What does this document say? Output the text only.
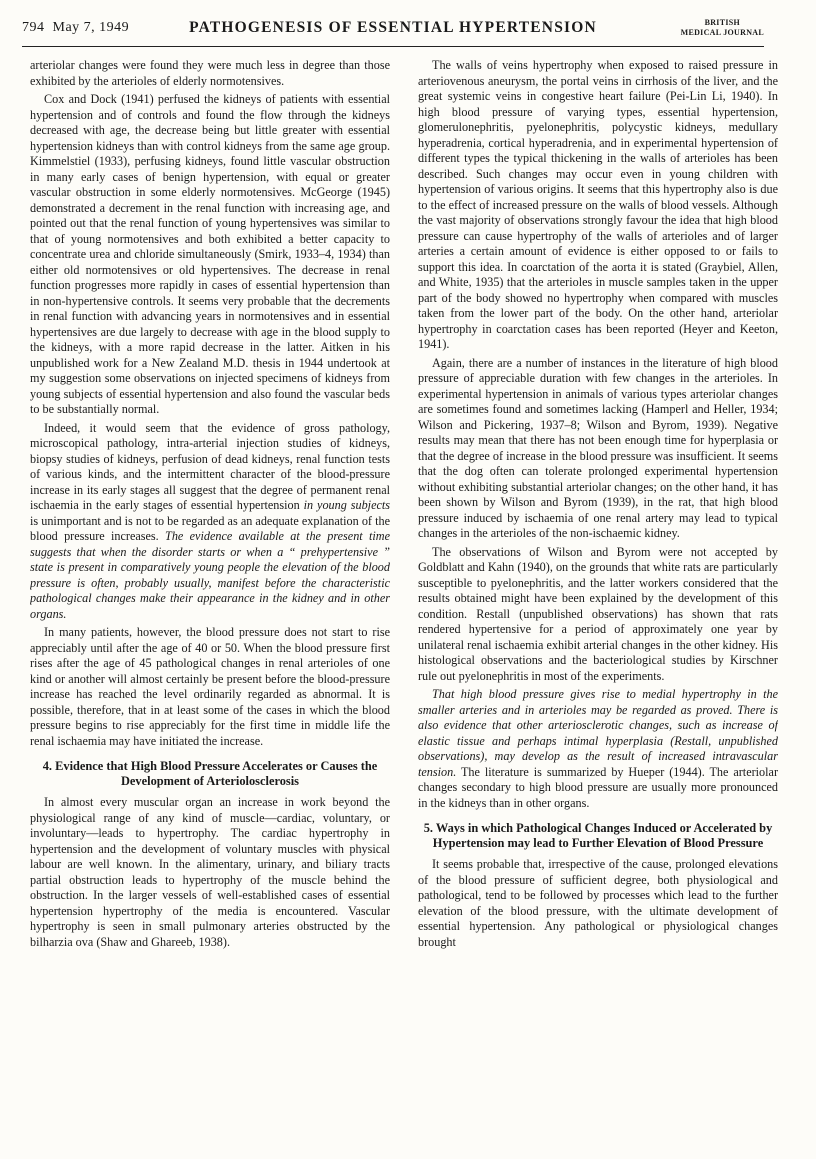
794 May 7, 1949	PATHOGENESIS OF ESSENTIAL HYPERTENSION	BRITISH
MEDICAL JOURNAL

arteriolar changes were found they were much less in degree than those exhibited by the arterioles of elderly normotensives.

Cox and Dock (1941) perfused the kidneys of patients with essential hypertension and of controls and found the flow through the kidneys decreased with age, the decrease being but little greater with essential hypertension kidneys than with control kidneys from the same age group. Kimmelstiel (1933), perfusing kidneys, found little vascular obstruction in many early cases of benign hypertension, with equal or greater vascular obstruction in some elderly normotensives. McGeorge (1945) demonstrated a decrement in the renal function with increasing age, and pointed out that the renal function of young hypertensives was similar to that of young normotensives and both exhibited a better capacity to concentrate urea and chloride simultaneously (Smirk, 1933–4, 1934) than either old normotensives or old hypertensives. The decrease in renal function progresses more rapidly in cases of essential hypertension than in non-hypertensive controls. It seems very probable that the decrements in renal function with advancing years in normotensives and in essential hypertensives are due largely to decrease with age in the blood supply to the kidneys, with a more rapid decrease in the latter. Aitken in his unpublished work for a New Zealand M.D. thesis in 1944 undertook at my suggestion some observations on injected specimens of kidneys from young subjects of essential hypertension and also found the vascular beds to be substantially normal.

Indeed, it would seem that the evidence of gross pathology, microscopical pathology, intra-arterial injection studies of kidneys, biopsy studies of kidneys, perfusion of dead kidneys, renal function tests of various kinds, and the intermittent character of the blood-pressure increase in its early stages all suggest that the degree of permanent renal ischaemia in the early stages of essential hypertension in young subjects is unimportant and is not to be regarded as an adequate explanation of the blood pressure increases. The evidence available at the present time suggests that when the disorder starts or when a “ prehypertensive ” state is present in comparatively young people the elevation of the blood pressure is often, probably usually, manifest before the characteristic pathological changes make their appearance in the kidney and in other organs.

In many patients, however, the blood pressure does not start to rise appreciably until after the age of 40 or 50. When the blood pressure first rises after the age of 45 pathological changes in renal arterioles of one kind or another will almost certainly be present before the blood-pressure increase has reached the level ordinarily regarded as abnormal. It is possible, therefore, that in at least some of the cases in which the blood pressure begins to rise appreciably for the first time in middle life the renal ischaemia may have initiated the increase.

4. Evidence that High Blood Pressure Accelerates or Causes the Development of Arteriolosclerosis

In almost every muscular organ an increase in work beyond the physiological range of any kind of muscle—cardiac, voluntary, or involuntary—leads to hypertrophy. The cardiac hypertrophy in hypertension and the development of voluntary muscles with physical labour are well known. In the alimentary, urinary, and biliary tracts partial obstruction leads to hypertrophy of the muscle behind the obstruction. In the larger vessels of well-established cases of essential hypertension hypertrophy of the media is encountered. Vascular hypertrophy is seen in small pulmonary arteries obstructed by the bilharzia ova (Shaw and Ghareeb, 1938).

The walls of veins hypertrophy when exposed to raised pressure in arteriovenous aneurysm, the portal veins in cirrhosis of the liver, and the great systemic veins in congestive heart failure (Pei-Lin Li, 1940). In high blood pressure of varying types, essential hypertension, glomerulonephritis, pyelonephritis, polycystic kidneys, medullary hyperadrenia, cortical hyperadrenia, and in experimental hypertension of different types the typical thickening in the walls of arterioles has been described. Such changes may occur even in young children with hypertension of various origins. It seems that this hypertrophy also is due to the effect of increased pressure on the walls of blood vessels. Although the vast majority of observations strongly favour the idea that high blood pressure can cause hypertrophy of the walls of arterioles and of larger arteries a certain amount of evidence is either opposed to or fails to support this idea. In coarctation of the aorta it is stated (Graybiel, Allen, and White, 1935) that the arterioles in muscle samples taken in the upper part of the body showed no hypertrophy when compared with muscles taken from the lower part of the body. On the other hand, arteriolar hypertrophy in coarctation cases has been reported (Heyer and Keeton, 1941).

Again, there are a number of instances in the literature of high blood pressure of appreciable duration with few changes in the arterioles. In experimental hypertension in animals of various types arteriolar changes are sometimes found and sometimes lacking (Hamperl and Heller, 1934; Wilson and Pickering, 1937–8; Wilson and Byrom, 1939). Negative results may mean that there has not been enough time for hyperplasia or that the degree of increase in the blood pressure was insufficient. It seems that the dog often can tolerate prolonged experimental hypertension without exhibiting substantial arteriolar changes; on the other hand, it has been shown by Wilson and Byrom (1939), in the rat, that high blood pressure induced by ischaemia of one renal artery may lead to typical changes in the arterioles of the non-ischaemic kidney.

The observations of Wilson and Byrom were not accepted by Goldblatt and Kahn (1940), on the grounds that white rats are particularly susceptible to pyelonephritis, and the latter workers considered that the results obtained might have been explained by the development of this condition. Restall (unpublished observations) has shown that rats rendered hypertensive for a period of approximately one year by unilateral renal ischaemia exhibit arterial changes in the other kidney. His histological observations and the bacteriological studies by Kirschner rule out pyelonephritis in most of the experiments.

That high blood pressure gives rise to medial hypertrophy in the smaller arteries and in arterioles may be regarded as proved. There is also evidence that other arteriosclerotic changes, such as increase of elastic tissue and perhaps intimal hyperplasia (Restall, unpublished observations), may develop as the result of increased intravascular tension. The literature is summarized by Hueper (1944). The arteriolar changes secondary to high blood pressure are usually more pronounced in the kidneys than in other organs.

5. Ways in which Pathological Changes Induced or Accelerated by Hypertension may lead to Further Elevation of Blood Pressure

It seems probable that, irrespective of the cause, prolonged elevations of the blood pressure of sufficient degree, both physiological and pathological, tend to be followed by processes which lead to the further elevation of the blood pressure, with the ultimate development of essential hypertension. Any pathological or physiological changes brought
